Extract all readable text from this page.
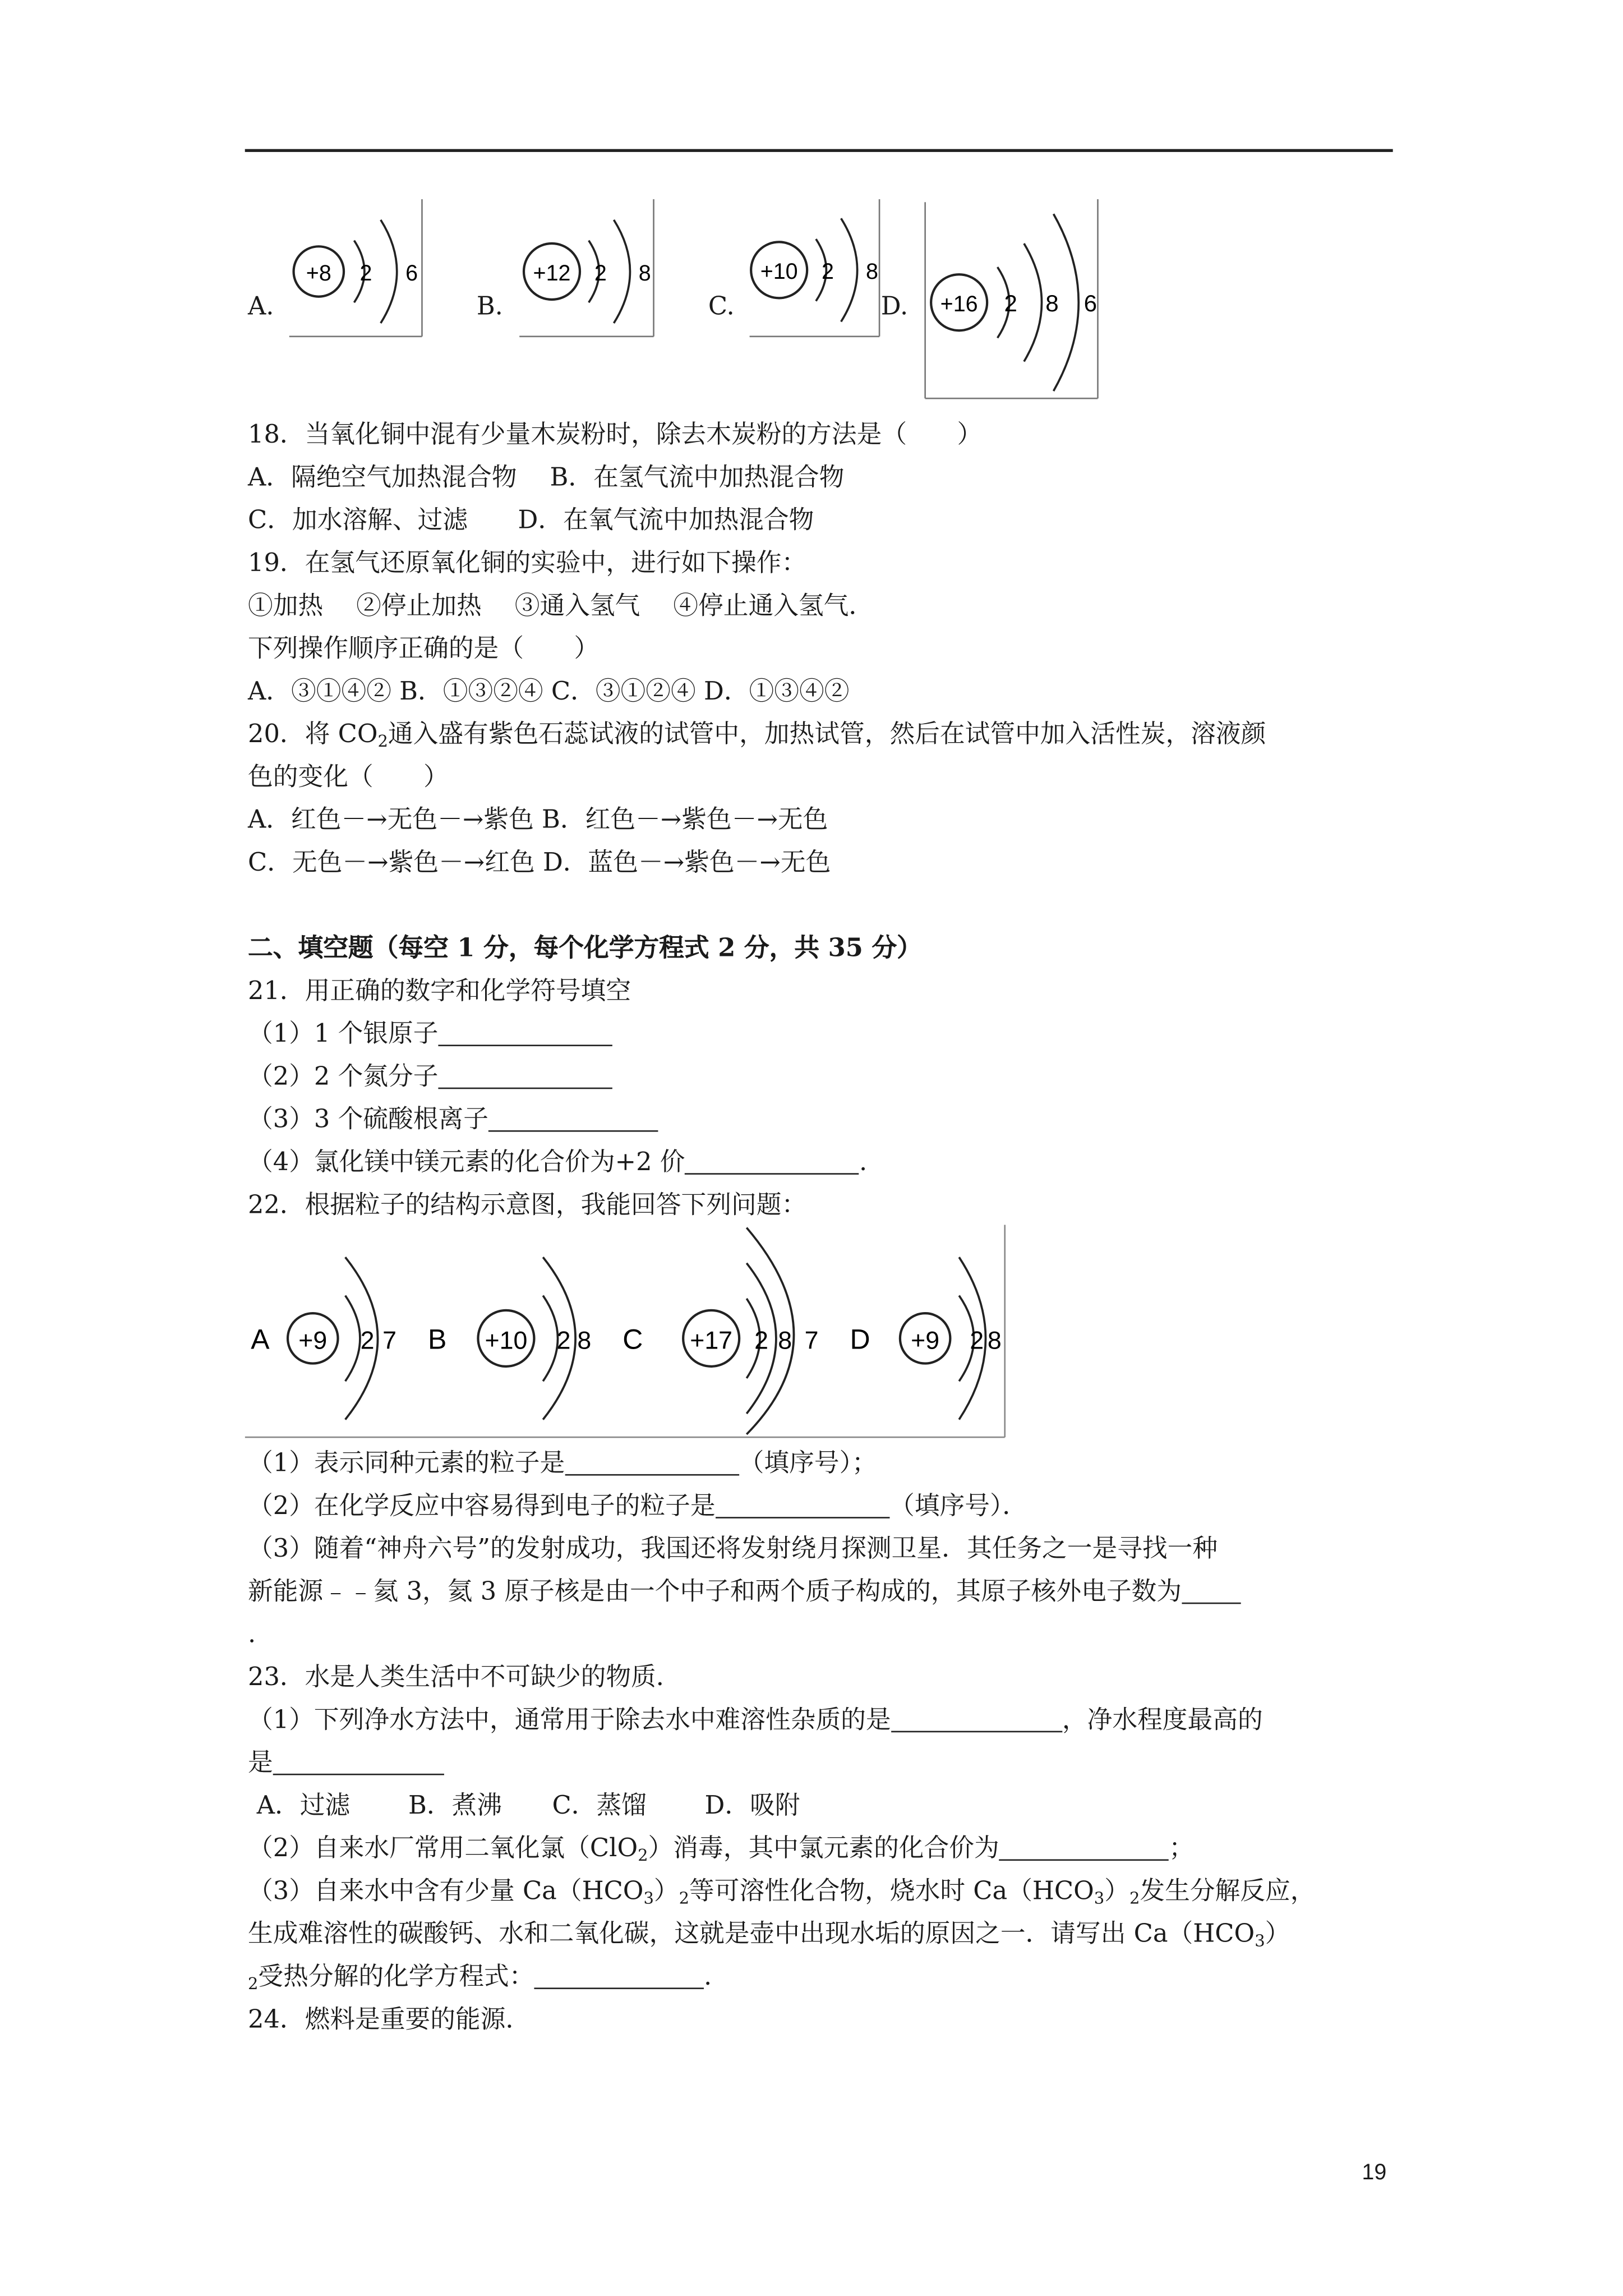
A.
+8	2	6
B.
+12	2	8
C.
+10	2	8
D.	+16	2	8	6
18．当氧化铜中混有少量木炭粉时，除去木炭粉的方法是（　　）
A．隔绝空气加热混合物　 B．在氢气流中加热混合物
C．加水溶解、过滤　　D．在氧气流中加热混合物
19．在氢气还原氧化铜的实验中，进行如下操作：
①加热　 ②停止加热　 ③通入氢气　 ④停止通入氢气．
下列操作顺序正确的是（　　）
A．③①④② B．①③②④ C．③①②④ D．①③④②
20．将 $CO_2$通入盛有紫色石蕊试液的试管中，加热试管，然后在试管中加入活性炭，溶液颜
色的变化（　　）
A．红色－→无色－→紫色 B．红色－→紫色－→无色
C．无色－→紫色－→红色 D．蓝色－→紫色－→无色
二、填空题（每空 1 分，每个化学方程式 2 分，共 35 分）
21．用正确的数字和化学符号填空
（1）1 个银原子
（2）2 个氮分子
（3）3 个硫酸根离子
（4）氯化镁中镁元素的化合价为+2 价	.
22．根据粒子的结构示意图，我能回答下列问题：
A	+9	2 7	B	+10	2 8	C	+17 2 8 7	D	+9	2 8
（1）表示同种元素的粒子是	（填序号）；
（2）在化学反应中容易得到电子的粒子是	（填序号）．
（3）随着“神舟六号”的发射成功，我国还将发射绕月探测卫星．其任务之一是寻找一种
新能源﹣﹣氦 3，氦 3 原子核是由一个中子和两个质子构成的，其原子核外电子数为
.
23．水是人类生活中不可缺少的物质．
（1）下列净水方法中，通常用于除去水中难溶性杂质的是	，净水程度最高的
是
A．过滤　　 B．煮沸　　C．蒸馏　　 D．吸附
（2）自来水厂常用二氧化氯（ClO$_2$）消毒，其中氯元素的化合价为	；
（3）自来水中含有少量 $Ca(HCO_3)_2$等可溶性化合物，烧水时 $Ca(HCO_3)_2$发生分解反应，
生成难溶性的碳酸钙、水和二氧化碳，这就是壶中出现水垢的原因之一．请写出 $Ca(HCO_3)$
$_2$受热分解的化学方程式：	.
24．燃料是重要的能源．
19
